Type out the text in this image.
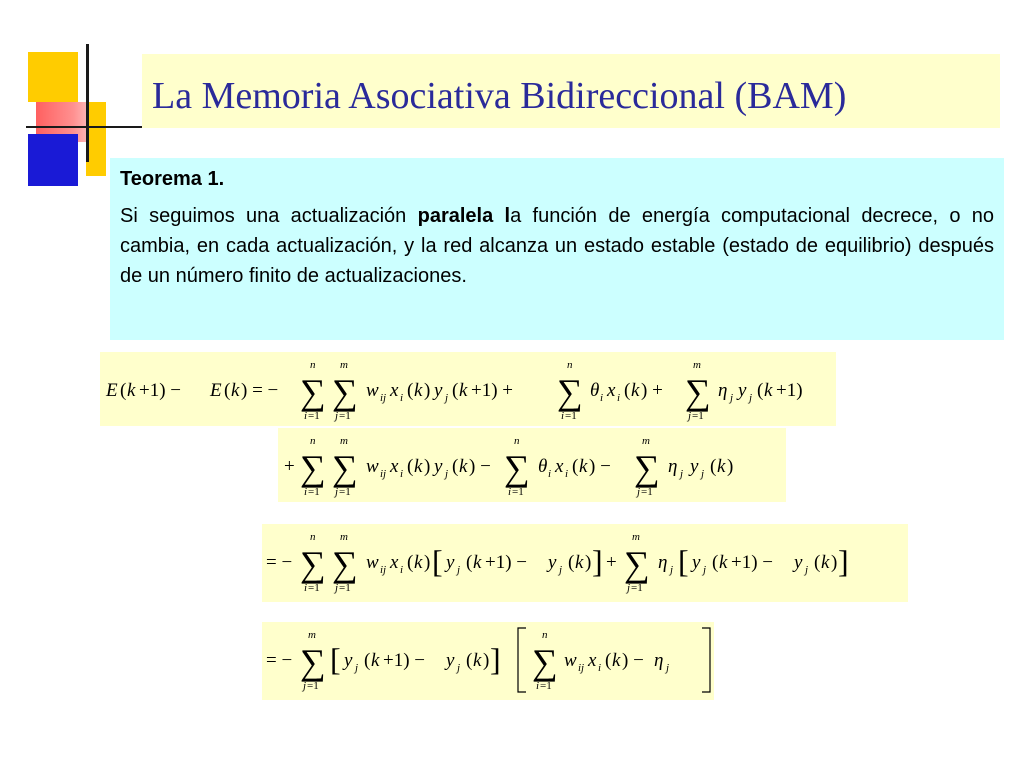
La Memoria Asociativa Bidireccional (BAM)

Teorema 1.

Si seguimos una actualización paralela la función de energía computacional decrece, o no cambia, en cada actualización, y la red alcanza un estado estable (estado de equilibrio) después de un número finito de actualizaciones.

E ( k +1) − E ( k ) = − ∑
n
i =1
∑
m
j =1
w ij x i ( k ) y j ( k +1) + ∑
n
i =1
θ i x i ( k ) + ∑
m
j =1
η j y j ( k +1)
+ ∑
n
i =1
∑
m
j =1
w ij x i ( k ) y j ( k ) − ∑
n
i =1
θ i x i ( k ) − ∑
m
j =1
η j y j ( k )
= − ∑
n
i =1
∑
m
j =1
w ij x i ( k ) [ y j ( k +1) − y j ( k ) ] + ∑
m
j =1
η j [ y j ( k +1) − y j ( k ) ]
= − ∑
m
j =1
[ y j ( k +1) − y j ( k ) ] ∑
n
i =1
w ij x i ( k ) − η j
